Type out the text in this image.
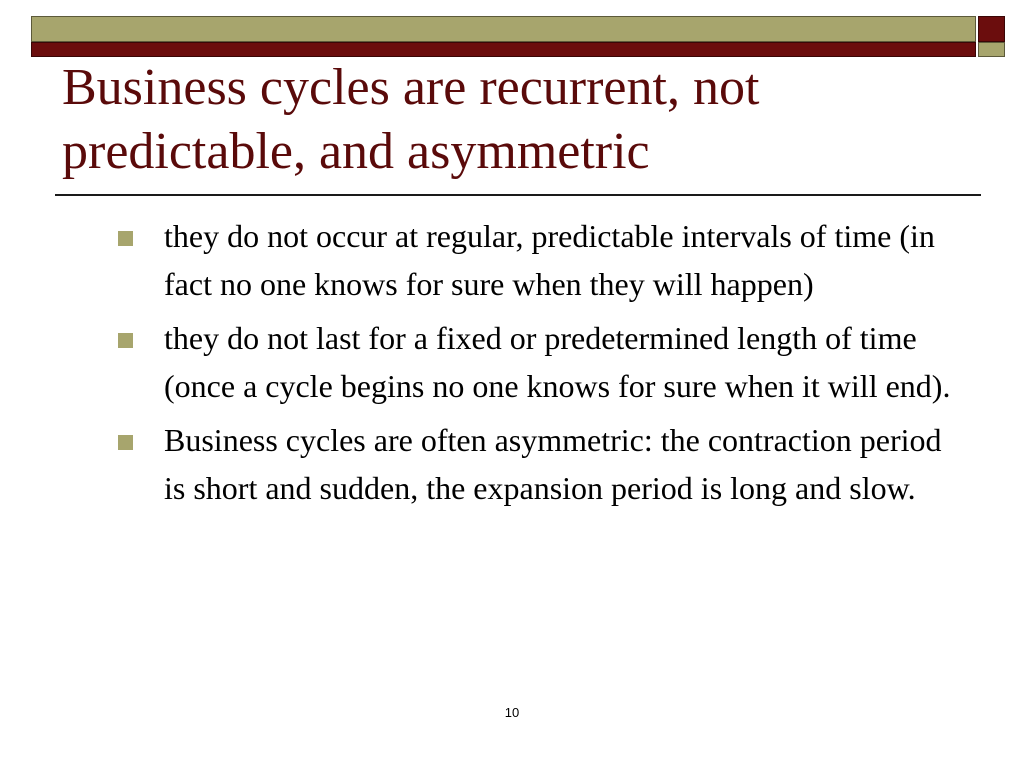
Business cycles are recurrent, not predictable, and asymmetric
they do not occur at regular, predictable intervals of time (in fact no one knows for sure when they will happen)
they do not last for a fixed or predetermined length of time (once a cycle begins no one knows for sure when it will end).
Business cycles are often asymmetric: the contraction period is short and sudden, the expansion period is long and slow.
10
